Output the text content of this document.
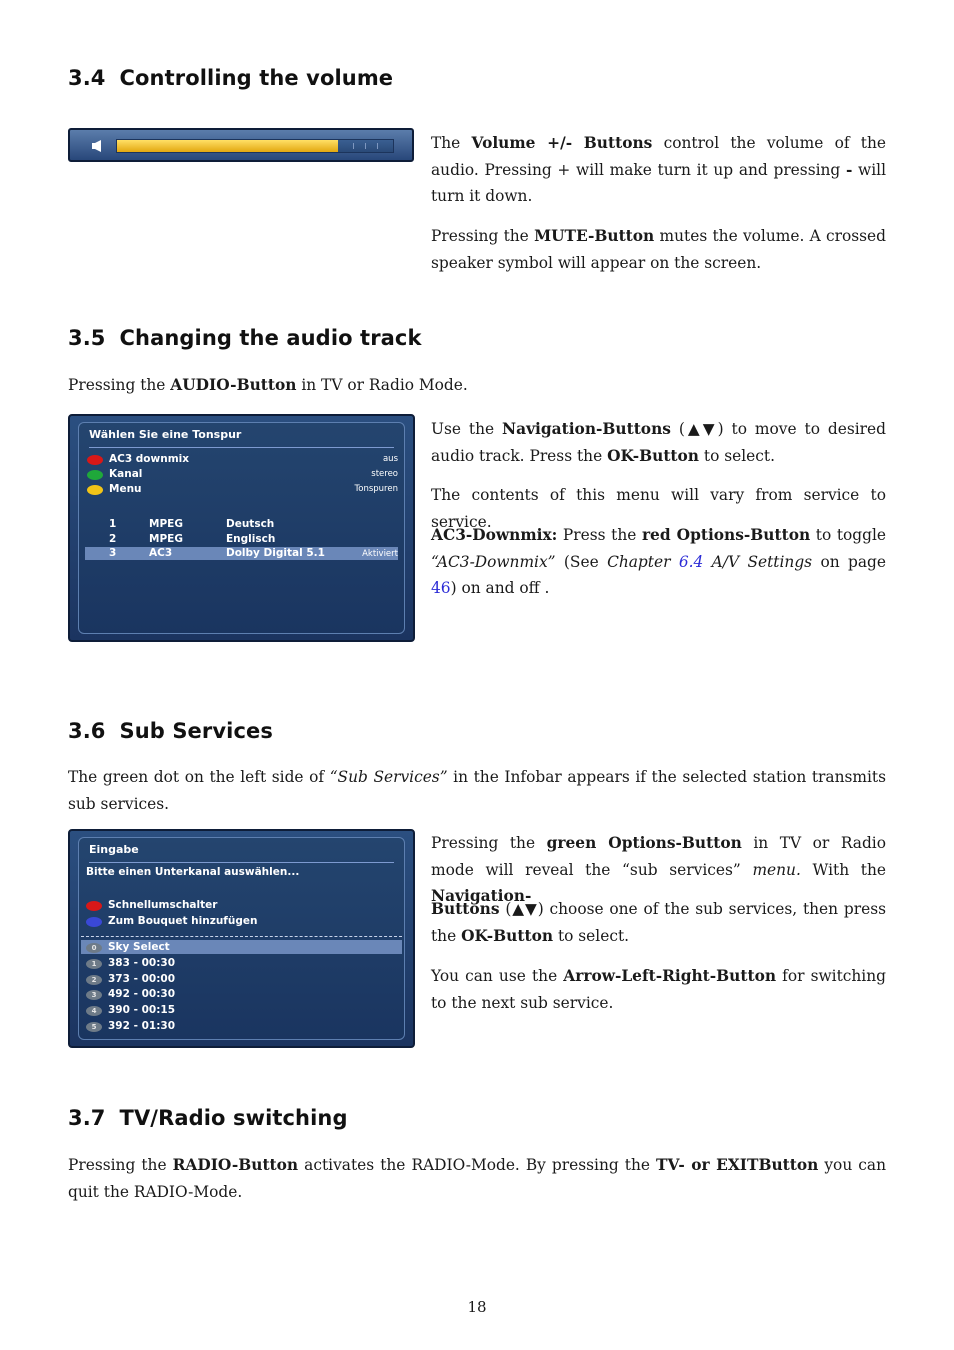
3.4 Controlling the volume

The Volume +/- Buttons control the volume of the audio. Pressing + will make turn it up and pressing - will turn it down.

Pressing the MUTE-Button mutes the volume. A crossed speaker symbol will appear on the screen.

3.5 Changing the audio track

Pressing the AUDIO-Button in TV or Radio Mode.

Wählen Sie eine Tonspur
AC3 downmix	aus
Kanal	stereo
Menu	Tonspuren
1	MPEG	Deutsch
2	MPEG	Englisch
3	AC3	Dolby Digital 5.1	Aktiviert

Use the Navigation-Buttons (▲▼) to move to desired audio track. Press the OK-Button to select.

The contents of this menu will vary from service to service.

AC3-Downmix: Press the red Options-Button to toggle “AC3-Downmix” (See Chapter 6.4 A/V Settings on page 46) on and off .

3.6 Sub Services

The green dot on the left side of “Sub Services” in the Infobar appears if the selected station transmits sub services.

Eingabe
Bitte einen Unterkanal auswählen...
Schnellumschalter
Zum Bouquet hinzufügen
0	Sky Select
1	383 - 00:30
2	373 - 00:00
3	492 - 00:30
4	390 - 00:15
5	392 - 01:30

Pressing the green Options-Button in TV or Radio mode will reveal the “sub services” menu. With the Navigation-

Buttons (▲▼) choose one of the sub services, then press the OK-Button to select.

You can use the Arrow-Left-Right-Button for switching to the next sub service.

3.7 TV/Radio switching

Pressing the RADIO-Button activates the RADIO-Mode. By pressing the TV- or EXITButton you can quit the RADIO-Mode.

18
